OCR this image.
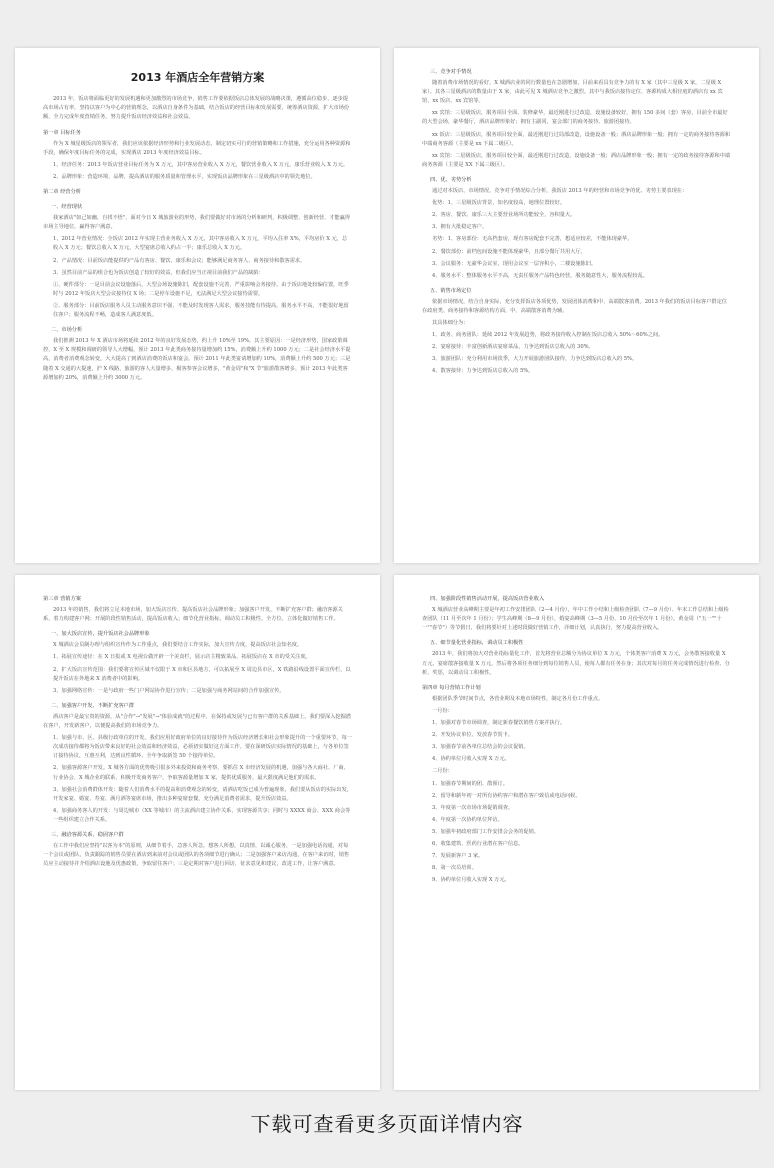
2013 年酒店全年营销方案
2013 年，饭店将面临更好的发展机遇和更加激烈的市场竞争，销售工作要依据饭店总体发展的战略决策，遵循高位稳步，逐步提高市场占有率，坚持以客户为中心的营销理念，以酒店自身条件为基础，结合饭店的经营目标和发展需要，统筹酒店资源，扩大市场份额，全力完成年度营销任务，努力提升饭店经济效益和社会效益。
第一章 目标任务
作为 X 城星级饭店的领军者，我们应该依据经济形势和行业发展动态，制定切实可行的营销策略和工作措施，充分运用各种资源和手段，确保年度目标任务的完成，实现酒店 2013 年度经济效益目标。
1、经济任务：2013 年饭店营业目标任务为 X 万元，其中客房营业收入 X 万元，餐饮营业收入 X 万元，康乐营业收入 X 万元。
2、品牌形象：营造环境、品牌，提高酒店的服务质量和管理水平，实现饭店品牌形象在三星级酒店中的领先地位。
第二章 经营分析
一、经营现状
我家酒店"如己如幽，自找不悟"，面对今日 X 城旅游业的形势，我们要做好对市场的分析和研判，积极调整、创新经营、才能赢得市场主导地位，赢得客户满意。
1、2012 年营业情况：全饭店 2012 年实现主营业务收入 X 万元，其中客房收入 X 万元，平均入住率 X%，平均房价 X 元，总收入 X 万元；餐饮总收入 X 万元，大型宴席总收入约占一半；康乐总收入 X 万元。
2、产品情况：目前饭店能提供的产品有客房、餐饮、康乐和会议；能够满足商务客人、商务接待和散客需求。
3、虽然目前产品的组合也为饭店创造了较好的效益，但我们应当正视目前我们产品的缺陷：
①、硬件部分：一是目前会议设施落后，大型会场设施陈旧，配套设施不完善，严重影响会务接待。由于饭店地处较偏位置，旺季时与 2012 年饭店大型会议接待仅 X 场；二是停车设施不足，无法满足大型会议接待需要。
②、服务部分：目前饭店服务人员主动服务意识不强，不能及时发现客人需求，服务技能有待提高，服务水平不高，不能很好地留住客户；服务流程不畅，造成客人满意度低。
二、市场分析
我们推测 2013 年 X 酒店市场将延续 2012 年的良好发展态势，约上升 10%至 19%。其主要原因：一是经济形势，国家政策调控，X 至 X 规模和调研的领导人大增幅，预计 2013 年此类商务接待量增加约 15%，消费额上升约 1000 万元；二是社会经济水平提高，消费者消费观念转变，大大提高了到酒店消费的饭店和宴会。预计 2011 年此类宴请增加约 10%，消费额上升约 500 万元；三是随着 X 交通的大提速，沪 X 线路，旅游的客人大量增多，极客参客会议增多，"黄金周"和"X 节"旅游散客增多。预计 2013 年此类客源增加约 20%，消费额上升约 3000 万元。
三、竞争对手情况
随着消费市场情况的看好，X 城酒店业的同行数量也在急剧增加，目前来看具有竞争力的有 X 家（其中三星级 X 家，二星级 X 家）。其各三星级酒店的数量由于 X 家，由此可见 X 城酒店竞争之激烈。其中与我饭店接待定位、客源构成大相径庭的酒店有 xx 宾馆、xx 饭店、xx 宾馆等。
xx 宾馆：三星级饭店，服务项目全面，装修豪华，最近刚进行过改造，设施设备较好，拥有 150 多间（套）客房，目前全市最好的大型会场，豪华餐厅，酒店品牌形象好；拥有主副同，宴会部门的商务接待、旅游团接待。
xx 饭店：三星级饭店，服务项目较全面，最近刚进行过局部改造，设施设备一般；酒店品牌形象一般；拥有一定的商务接待客源和中端商务客源（主要是 xx 下属二级区）。
xx 宾馆：二星级饭店，服务项目较全面，最近刚进行过改造，设施设备一般；酒店品牌形象一般；拥有一定的政务接待客源和中端商务客源（主要是 XX 下属三级区）。
四、优、劣势分析
通过对本饭店、市场情况、竞争对手情况综合分析，我饭店 2013 年的经营和市场竞争的优、劣势主要表现在：
优势：1、三星级饭店背景，知名度较高，地理位置较好。
2、客房、餐饮、康乐三大主要营业场所功能较全，容积量大。
3、拥有大批稳定客户。
劣势：1、客房部份：无高档套房，现有客房配套不完善，想适应较差，不能体现豪华。
2、餐饮部份：前档包间设施不能体现豪华，且部分餐厅共用大厅。
3、会议服务：无豪华会议室，现用会议室一层容积小，二楼设施陈旧。
4、服务水平：整体服务水平不高，无责任服务产品特色经营，服务随意性大，服务流程较乱。
五、销售市场定位
依据市场情况，结合自身实际，充分发挥饭店各项优势，发展团体消费和中、高端散客消费。2013 年我们的饭店目标客户群定位在政府类、商务接待和客源结构方面，中、高端散客消费为辅。
其具体细分为：
1、政务、商务团队：延续 2012 年发展趋势，将政务接待收入控制在饭店总收入 50%～60%之间。
2、宴席接待：丰富创新酒店宴席菜品，力争达到饭店总收入的 30%。
3、旅游团队：充分利用市场淡季，大力开展旅游团队接待，力争达到饭店总收入的 5%。
4、散客接待：力争达到饭店总收入的 5%。
第三章 营销方案
2013 年的销售，我们将立足本地市场，加大饭店宣传、提高饭店社会品牌形象；加强客户开发，不断扩充客户群；融洽客源关系，着力构建客户网；开展阶段性销售活动，提高饭店收入；细节化营业指标，调动员工积极性。全方位、立体化做好销售工作。
一、加大饭店宣传，提升饭店社会品牌形象
X 城酒店会员制办理与组织宣传作为工作重点，我们要结合工作实际，加大宣传力度，提高饭店社会知名度。
1、拓展宣传途径：在 X 日报或 X 电视台做开辟一个美食栏，展示店主精致菜品，拓展饭店在 X 市的受关注度。
2、扩大饭店宣传范围：我们要将宣传区域不仅限于 X 市和区县地方，可以拓展至 X 周边县市区，X 铁路沿线设置平面宣传栏，以提升饭店在外地来 X 消费者中的影响。
3、加强网络宣传：一是与政府一些门户网站协作进行宣传；二是加强与商务网站间的合作加强宣传。
二、加强客户开发，不断扩充客户群
酒店客户是最宝贵的资源，从"合作"→"发展"→"体验成就"的过程中，在保持或发展与已有客户群的关系基础上，我们要深入挖掘潜在客户，开发新客户，以便提高我们的市场竞争力。
1、加强与市、区、县级行政单位的开发。我们应用好政府单位的良好接待作为饭店经济增长和社会形象提升的一个重要环节，每一次成功接待都将为饭店带来良好的社会效益和经济效益，必须切实做好这方面工作。要在深研饭店实际情况的基础上，与各单位签订接待协议，互惠互利，达到良性循环，全年争取新签 50 个接待单位。
2、加强客源客户开发。X 城各方面的优势吸引很多外来投资和商务考察，要抓住 X 市经济发展的机遇，加强与各大商社、厂商、行业协会、X 城企业的联系，积极开发商务客户，争取客源量增加 X 家，提供优质服务，最大限度满足他们的需求。
3、加强社会消费群体开发：随着人们消费水平的提高和消费观念的转变，请酒店吃饭已成为普遍现象，我们要从饭店的实际出发，开发家宴、婚宴、寿宴、满月酒等宴席市场，推出多种宴席套餐，充分满足消费者需求，提升饭店效益。
4、加强商务客人的开发：与周边城市（XX 等城市）的主流酒店建立协作关系，实现客源共享；同时与 XXXX 商会、XXX 商会等一些组织建立合作关系。
三、融洽客源关系，稳固客户群
在工作中我们应坚持"以客为本"的原则，从细节着手，急客人所急，想客人所想，以真情、以诚心服务，一是加强电话沟通，对每一个会议或团队，负责跟踪的销售员要在酒店到来前对会议或团队的各项细节进行确认；二是加强客户来访沟通，在客户来访时，销售员应主动接待并介绍酒店设施及优惠政策，争取留住客户；三是定期对客户进行回访，征求意见和建议，改进工作，让客户满意。
四、加强阶段性销售活动开展，提高饭店营业收入
X 城酒店营业高峰期主要是年初工作安排团队（2—4 月份），年中工作小结和上级检查团队（7—9 月份）、年末工作总结和上级检查团队（11 月至次年 1 月份）；学生高峰期（8—9 月份），婚宴高峰期（3—5 月份、10 月份至次年 1 月份）。黄金周（"五一""十一""春节"）等节假日，我们将要针对上述时段做好营销工作，详细计划，认真执行，努力提高营业收入。
五、细节量化营业指标，调动员工积极性
2013 年，我们将加大对营业指标量化工作，首先将营业总额分为协议单位 X 万元，个体类客户消费 X 万元，会务散客接收量 X 万元，宴席散客接收量 X 万元，然后将各项任务细分到每位销售人员，使每人都有任务在身；其次对每月的任务完成情况进行检查、分析、奖惩，以调动员工积极性。
第四章 每月营销工作计划
根据团队季节时间节点，各营业期及本地市场特性，制定各月份工作重点。
一月份：
1、加强对春节市场调查，制定新春餐饮销售方案并执行。
2、开发协议单位、发放春节贺卡。
3、加强春节前各单位总结会的会议促销。
4、协约单位月收入实现 X 万元。
二月份：
1、加强春节期间的团、散预订。
2、留导和薪年初一对所有协约客户和潜在客户致信或电话问候。
3、年度第一次市场市场促销调查。
4、年度第一次协约单位拜访。
5、加强年初政府部门工作安排会会务的促销。
6、收集建筑、医药行业潜在客户信息。
7、发展新客户 3 家。
8、第一次员培训。
9、协约单位月收入实现 X 万元。
下载可查看更多页面详情内容
